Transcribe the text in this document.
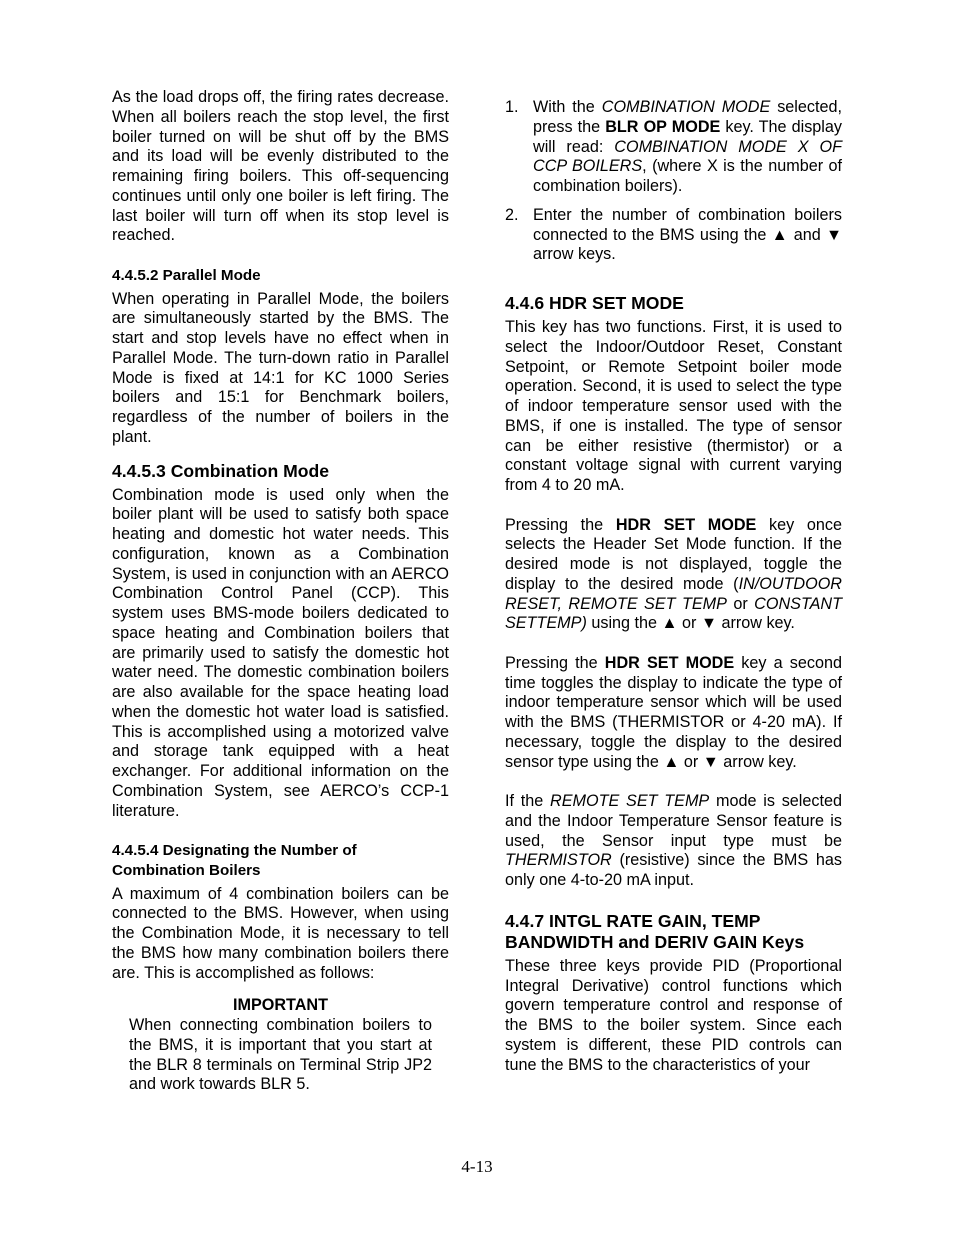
As the load drops off, the firing rates decrease. When all boilers reach the stop level, the first boiler turned on will be shut off by the BMS and its load will be evenly distributed to the remaining firing boilers. This off-sequencing continues until only one boiler is left firing. The last boiler will turn off when its stop level is reached.

4.4.5.2 Parallel Mode

When operating in Parallel Mode, the boilers are simultaneously started by the BMS. The start and stop levels have no effect when in Parallel Mode. The turn-down ratio in Parallel Mode is fixed at 14:1 for KC 1000 Series boilers and 15:1 for Benchmark boilers, regardless of the number of boilers in the plant.

4.4.5.3 Combination Mode

Combination mode is used only when the boiler plant will be used to satisfy both space heating and domestic hot water needs. This configuration, known as a Combination System, is used in conjunction with an AERCO Combination Control Panel (CCP). This system uses BMS-mode boilers dedicated to space heating and Combination boilers that are primarily used to satisfy the domestic hot water need. The domestic combination boilers are also available for the space heating load when the domestic hot water load is satisfied. This is accomplished using a motorized valve and storage tank equipped with a heat exchanger. For additional information on the Combination System, see AERCO’s CCP-1 literature.

4.4.5.4 Designating the Number of
Combination Boilers

A maximum of 4 combination boilers can be connected to the BMS. However, when using the Combination Mode, it is necessary to tell the BMS how many combination boilers there are. This is accomplished as follows:

IMPORTANT

When connecting combination boilers to the BMS, it is important that you start at the BLR 8 terminals on Terminal Strip JP2 and work towards BLR 5.

1. With the COMBINATION MODE selected, press the BLR OP MODE key. The display will read: COMBINATION MODE X OF CCP BOILERS, (where X is the number of combination boilers).
2. Enter the number of combination boilers connected to the BMS using the ▲ and ▼ arrow keys.
4.4.6 HDR SET MODE

This key has two functions. First, it is used to select the Indoor/Outdoor Reset, Constant Setpoint, or Remote Setpoint boiler mode operation. Second, it is used to select the type of indoor temperature sensor used with the BMS, if one is installed. The type of sensor can be either resistive (thermistor) or a constant voltage signal with current varying from 4 to 20 mA.

Pressing the HDR SET MODE key once selects the Header Set Mode function. If the desired mode is not displayed, toggle the display to the desired mode (IN/OUTDOOR RESET, REMOTE SET TEMP or CONSTANT SETTEMP) using the ▲ or ▼ arrow key.

Pressing the HDR SET MODE key a second time toggles the display to indicate the type of indoor temperature sensor which will be used with the BMS (THERMISTOR or 4-20 mA). If necessary, toggle the display to the desired sensor type using the ▲ or ▼ arrow key.

If the REMOTE SET TEMP mode is selected and the Indoor Temperature Sensor feature is used, the Sensor input type must be THERMISTOR (resistive) since the BMS has only one 4-to-20 mA input.

4.4.7 INTGL RATE GAIN, TEMP BANDWIDTH and DERIV GAIN Keys

These three keys provide PID (Proportional Integral Derivative) control functions which govern temperature control and response of the BMS to the boiler system. Since each system is different, these PID controls can tune the BMS to the characteristics of your

4-13
